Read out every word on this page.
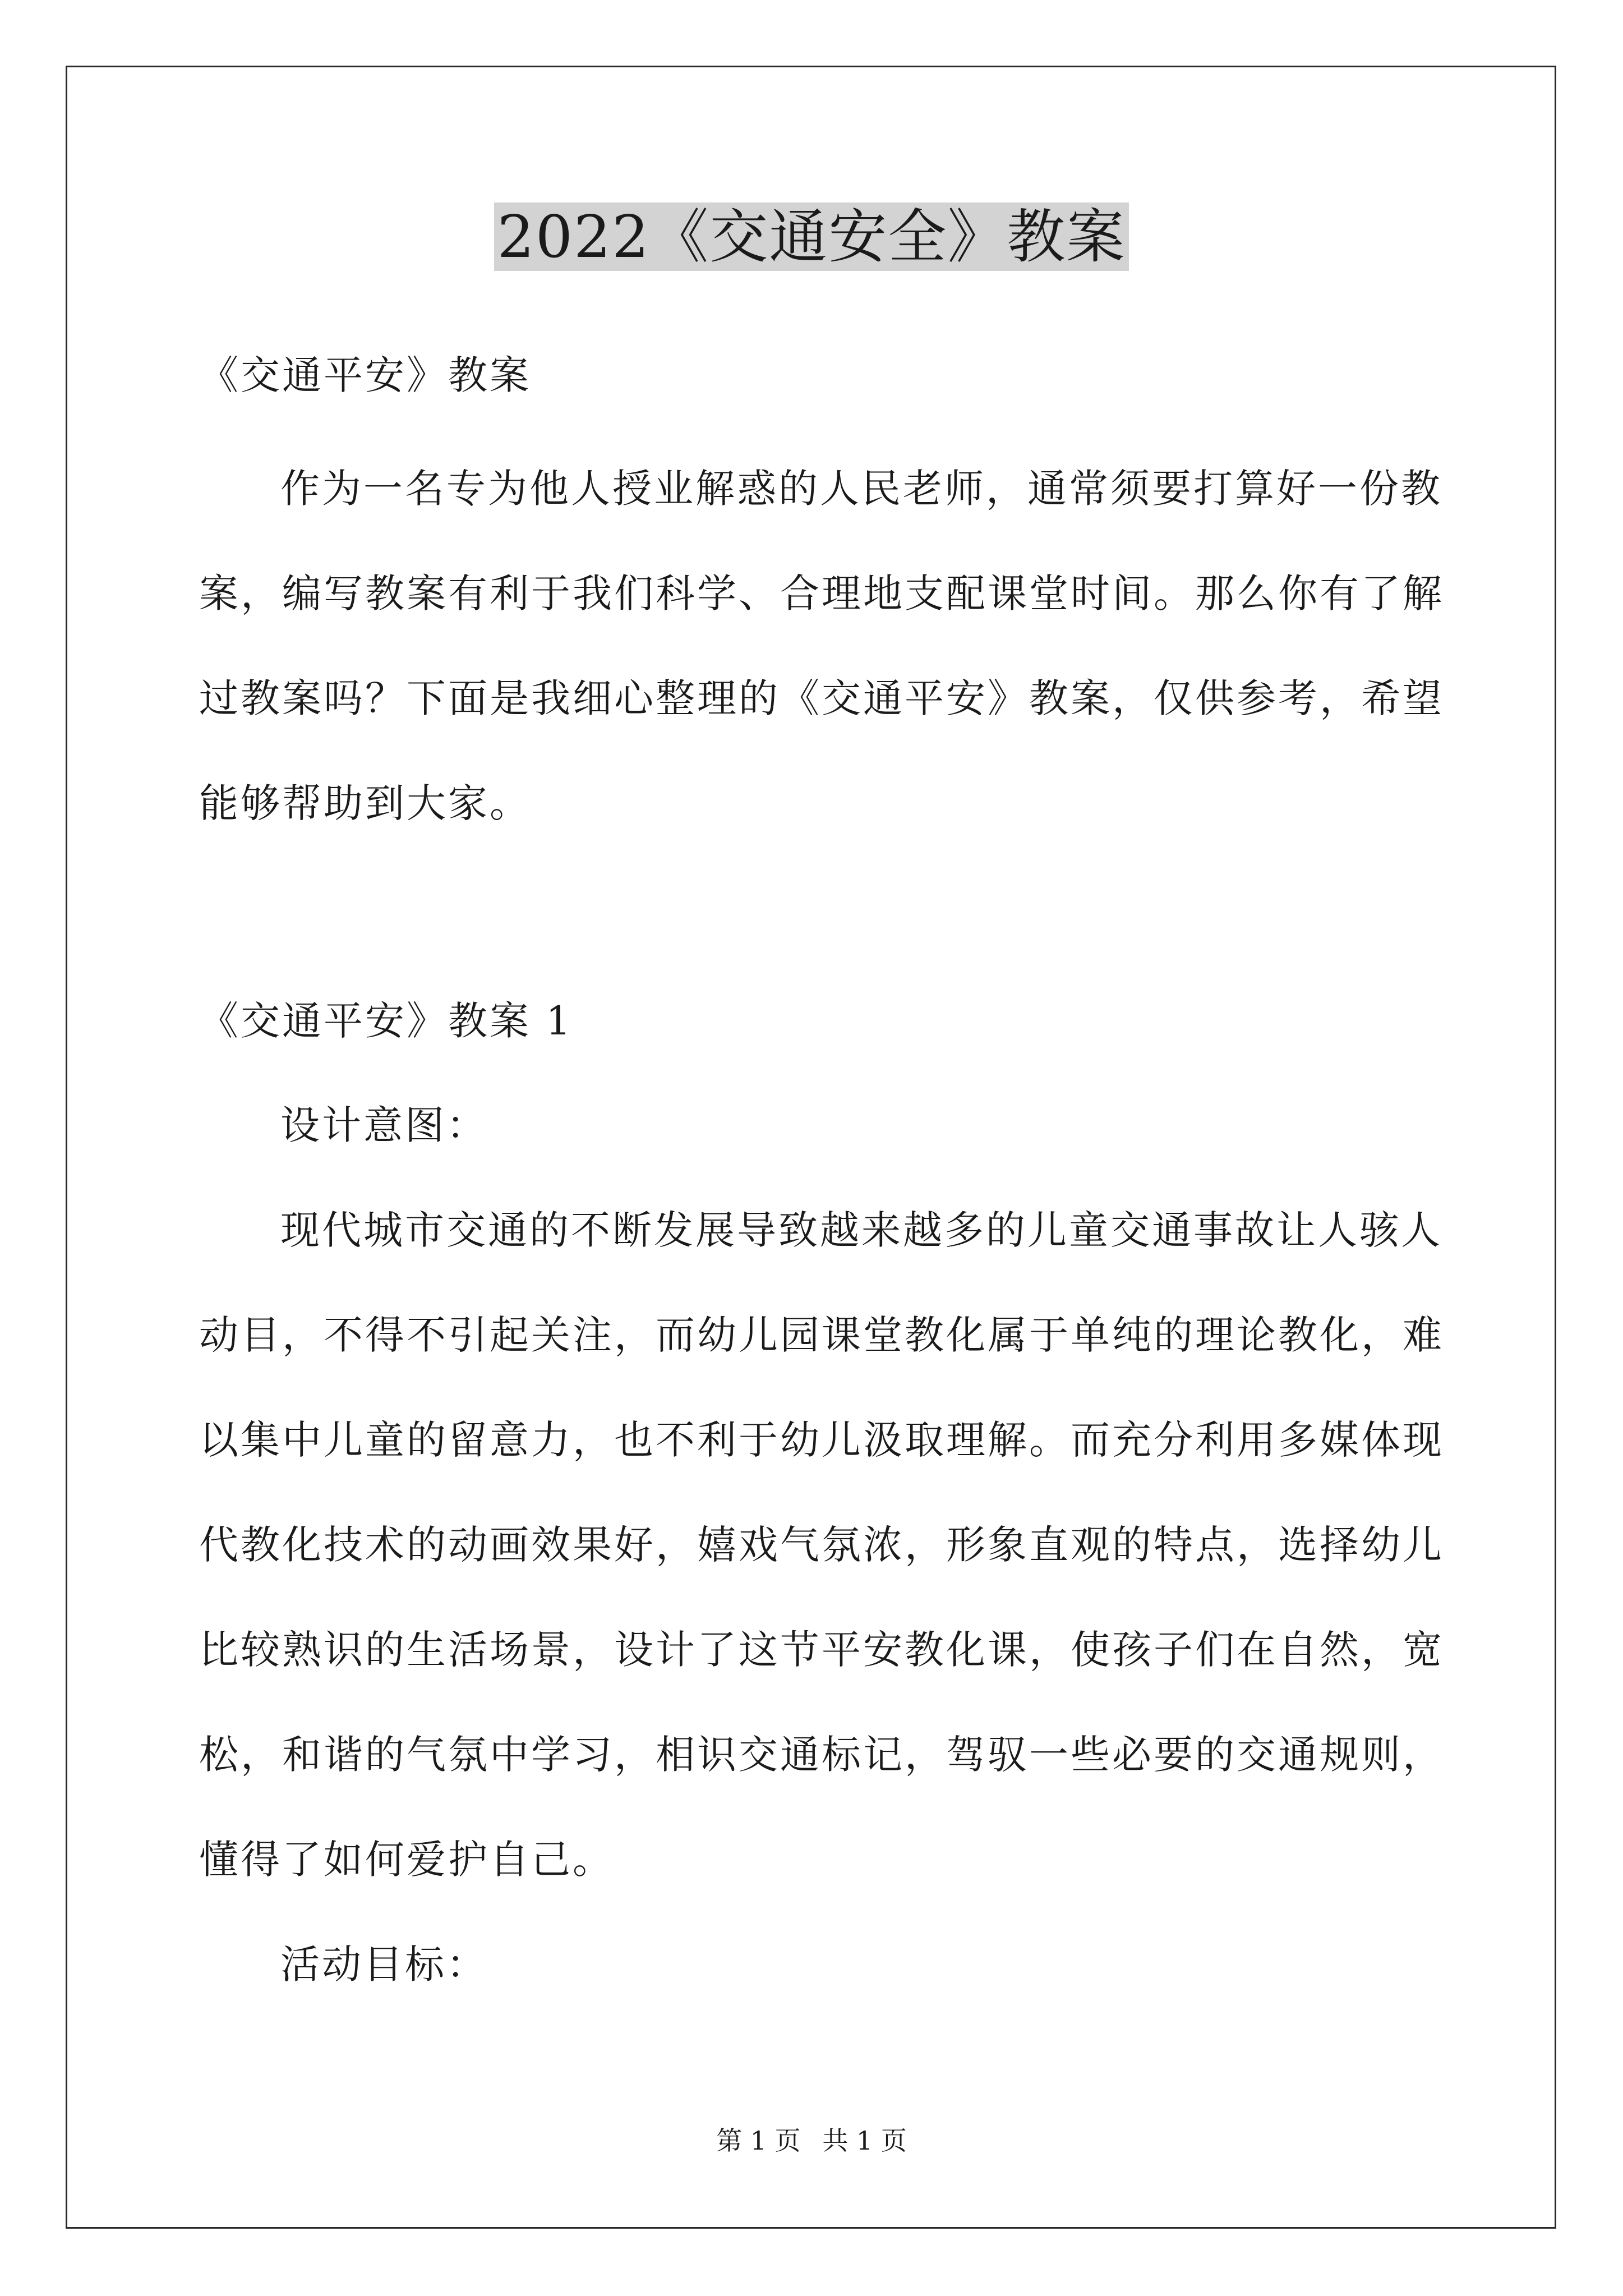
2022《交通安全》教案
《交通平安》教案
作为一名专为他人授业解惑的人民老师，通常须要打算好一份教
案，编写教案有利于我们科学、合理地支配课堂时间。那么你有了解
过教案吗？下面是我细心整理的《交通平安》教案，仅供参考，希望
能够帮助到大家。
《交通平安》教案 1
设计意图：
现代城市交通的不断发展导致越来越多的儿童交通事故让人骇人
动目，不得不引起关注，而幼儿园课堂教化属于单纯的理论教化，难
以集中儿童的留意力，也不利于幼儿汲取理解。而充分利用多媒体现
代教化技术的动画效果好，嬉戏气氛浓，形象直观的特点，选择幼儿
比较熟识的生活场景，设计了这节平安教化课，使孩子们在自然，宽
松，和谐的气氛中学习，相识交通标记，驾驭一些必要的交通规则，
懂得了如何爱护自己。
活动目标：
第 1 页 共 1 页
